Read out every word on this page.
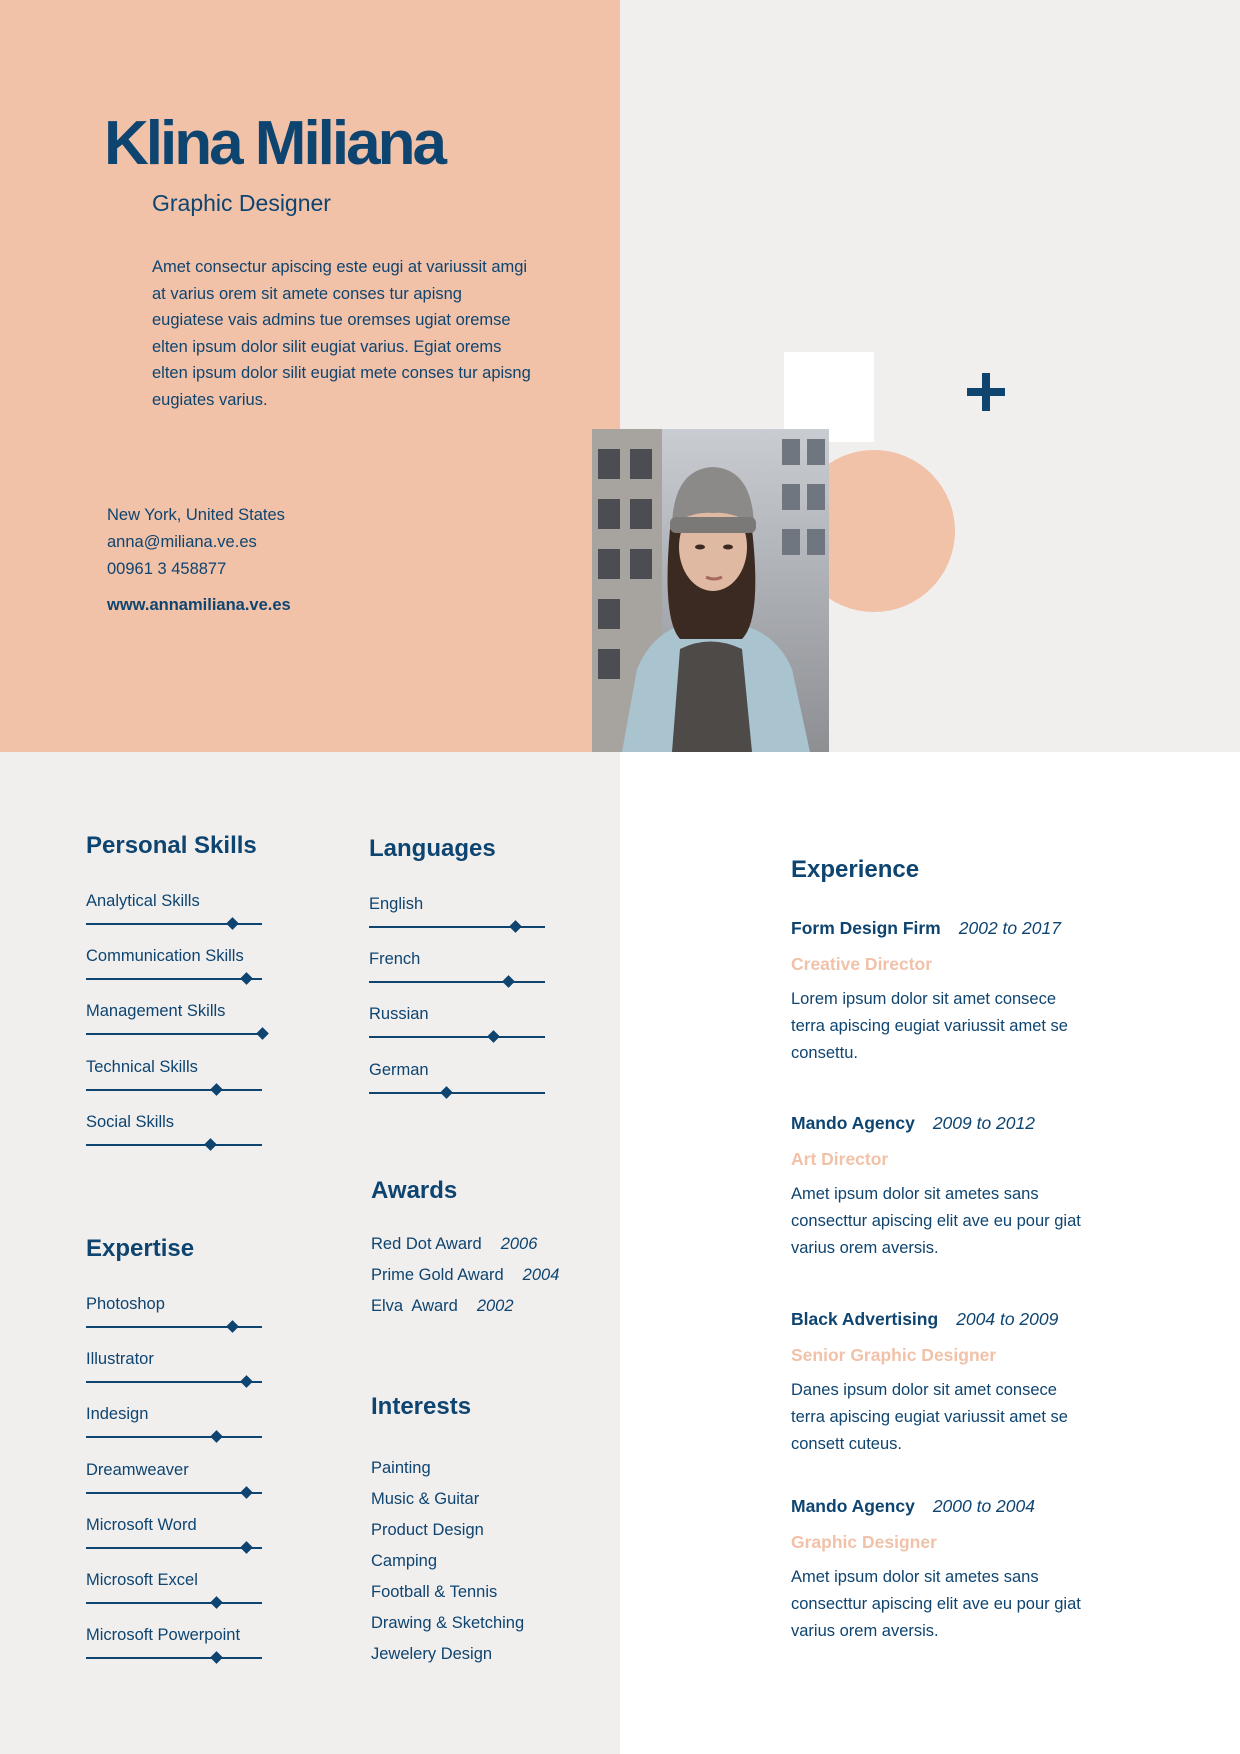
Klina Miliana
Graphic Designer

Amet consectur apiscing este eugi at variussit amgi at varius orem sit amete conses tur apisng eugiatese vais admins tue oremses ugiat oremse elten ipsum dolor silit eugiat varius. Egiat orems elten ipsum dolor silit eugiat mete conses tur apisng eugiates varius.

New York, United States
anna@miliana.ve.es
00961 3 458877
www.annamiliana.ve.es
Personal Skills
Analytical Skills
Communication Skills
Management Skills
Technical Skills
Social Skills
Expertise
Photoshop
Illustrator
Indesign
Dreamweaver
Microsoft Word
Microsoft Excel
Microsoft Powerpoint
Languages
English
French
Russian
German
Awards
Red Dot Award 2006
Prime Gold Award 2004
Elva  Award 2002
Interests
Painting
Music & Guitar
Product Design
Camping
Football & Tennis
Drawing & Sketching
Jewelery Design
Experience
Form Design Firm 2002 to 2017
Creative Director
Lorem ipsum dolor sit amet consece terra apiscing eugiat variussit amet se consettu.
Mando Agency 2009 to 2012
Art Director
Amet ipsum dolor sit ametes sans consecttur apiscing elit ave eu pour giat varius orem aversis.
Black Advertising 2004 to 2009
Senior Graphic Designer
Danes ipsum dolor sit amet consece terra apiscing eugiat variussit amet se consett cuteus.
Mando Agency 2000 to 2004
Graphic Designer
Amet ipsum dolor sit ametes sans consecttur apiscing elit ave eu pour giat varius orem aversis.
